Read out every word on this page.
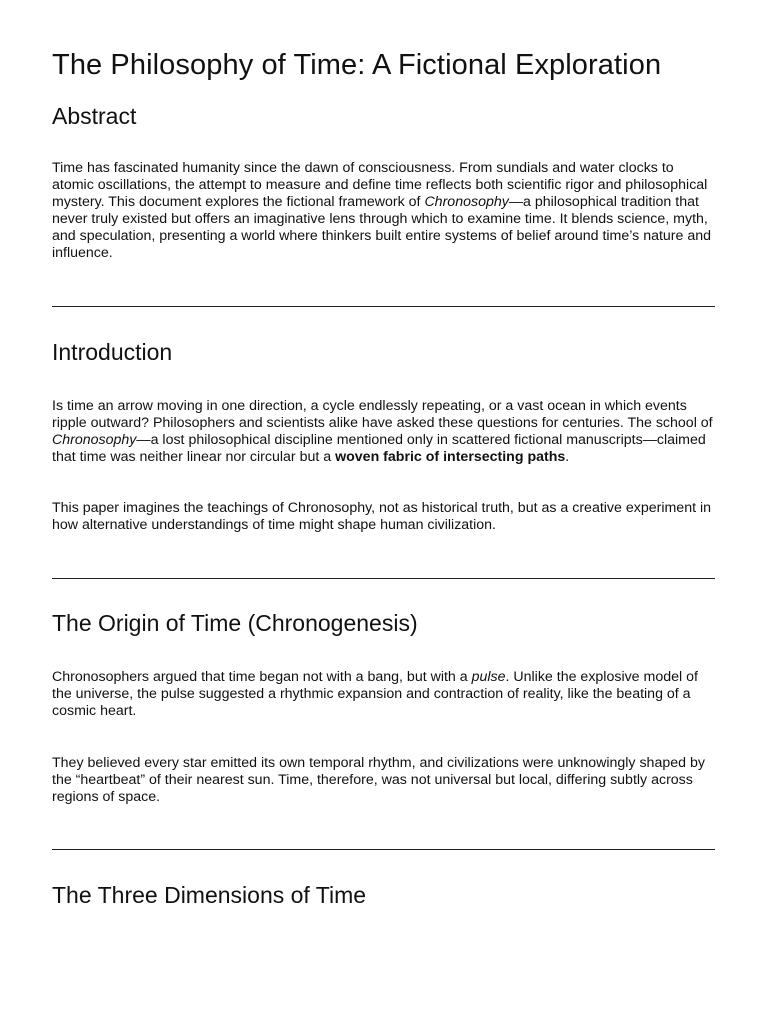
The Philosophy of Time: A Fictional Exploration
Abstract

Time has fascinated humanity since the dawn of consciousness. From sundials and water clocks to atomic oscillations, the attempt to measure and define time reflects both scientific rigor and philosophical mystery. This document explores the fictional framework of Chronosophy—a philosophical tradition that never truly existed but offers an imaginative lens through which to examine time. It blends science, myth, and speculation, presenting a world where thinkers built entire systems of belief around time’s nature and influence.

Introduction

Is time an arrow moving in one direction, a cycle endlessly repeating, or a vast ocean in which events ripple outward? Philosophers and scientists alike have asked these questions for centuries. The school of Chronosophy—a lost philosophical discipline mentioned only in scattered fictional manuscripts—claimed that time was neither linear nor circular but a woven fabric of intersecting paths.

This paper imagines the teachings of Chronosophy, not as historical truth, but as a creative experiment in how alternative understandings of time might shape human civilization.

The Origin of Time (Chronogenesis)

Chronosophers argued that time began not with a bang, but with a pulse. Unlike the explosive model of the universe, the pulse suggested a rhythmic expansion and contraction of reality, like the beating of a cosmic heart.

They believed every star emitted its own temporal rhythm, and civilizations were unknowingly shaped by the “heartbeat” of their nearest sun. Time, therefore, was not universal but local, differing subtly across regions of space.

The Three Dimensions of Time
